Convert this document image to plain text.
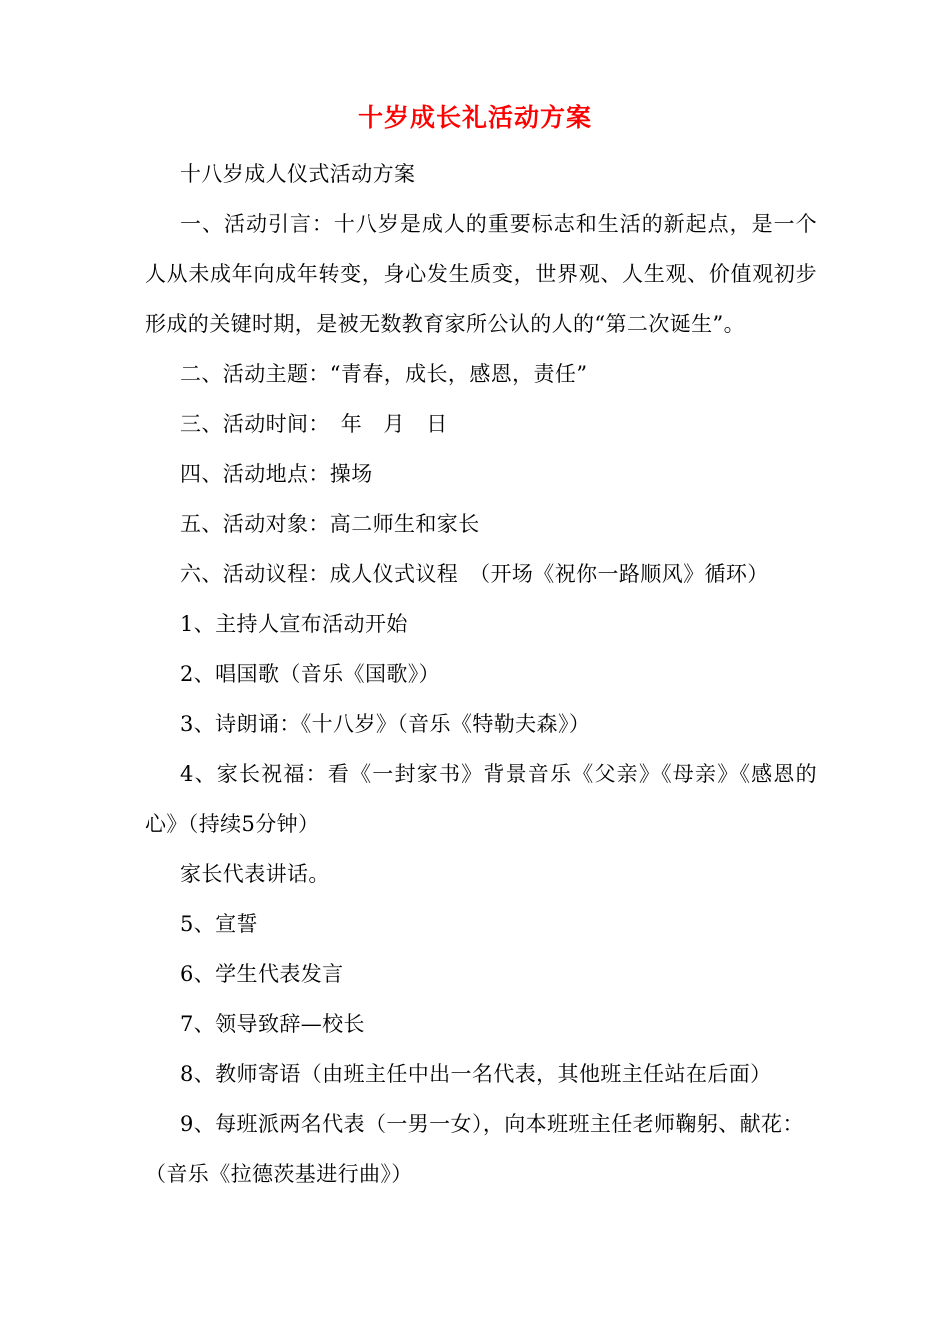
十岁成长礼活动方案

十八岁成人仪式活动方案

一、活动引言：十八岁是成人的重要标志和生活的新起点，是一个人从未成年向成年转变，身心发生质变，世界观、人生观、价值观初步形成的关键时期，是被无数教育家所公认的人的“第二次诞生”。

二、活动主题：“青春，成长，感恩，责任”

三、活动时间：　年　月　日

四、活动地点：操场

五、活动对象：高二师生和家长

六、活动议程：成人仪式议程　（开场《祝你一路顺风》循环）

1、主持人宣布活动开始

2、唱国歌（音乐《国歌》）

3、诗朗诵：《十八岁》（音乐《特勒夫森》）

4、家长祝福：看《一封家书》背景音乐《父亲》《母亲》《感恩的心》（持续5分钟）

家长代表讲话。

5、宣誓

6、学生代表发言

7、领导致辞—校长

8、教师寄语（由班主任中出一名代表，其他班主任站在后面）

9、每班派两名代表（一男一女），向本班班主任老师鞠躬、献花：

（音乐《拉德茨基进行曲》）
